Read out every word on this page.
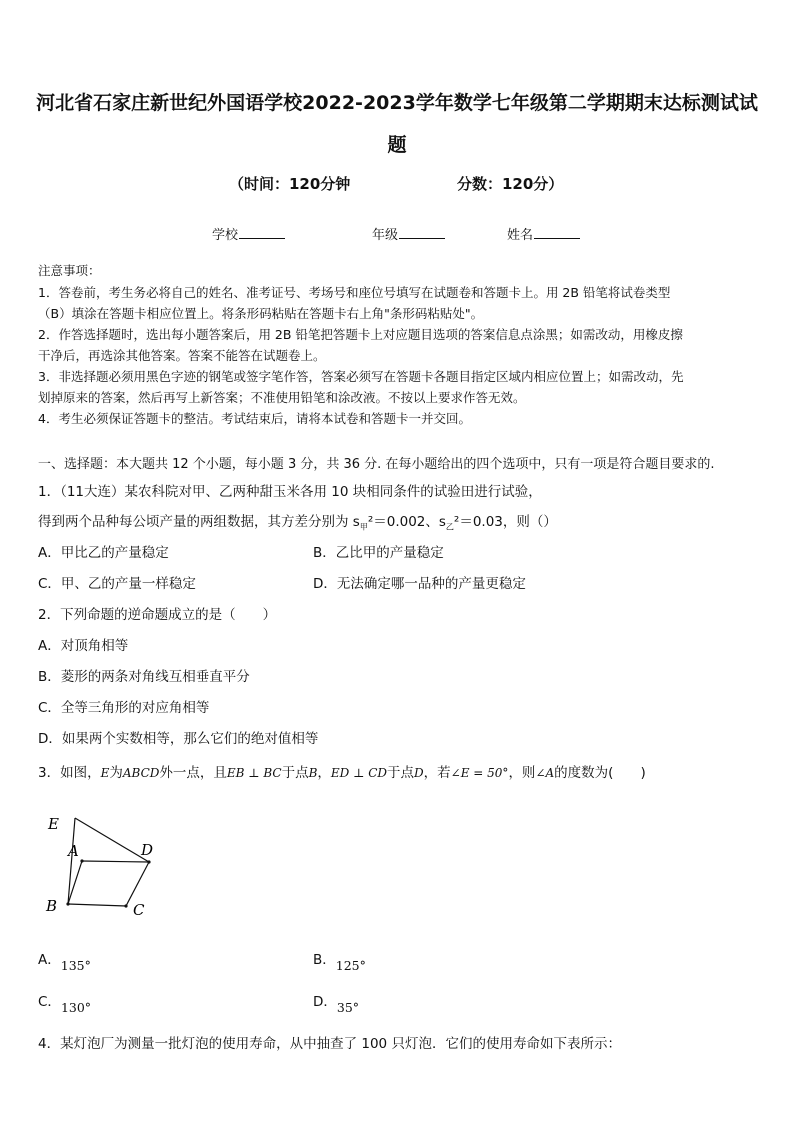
河北省石家庄新世纪外国语学校2022-2023学年数学七年级第二学期期末达标测试试
题
（时间：120分钟	分数：120分）
学校	年级	姓名
注意事项：
1．答卷前，考生务必将自己的姓名、准考证号、考场号和座位号填写在试题卷和答题卡上。用 2B 铅笔将试卷类型
（B）填涂在答题卡相应位置上。将条形码粘贴在答题卡右上角"条形码粘贴处"。
2．作答选择题时，选出每小题答案后，用 2B 铅笔把答题卡上对应题目选项的答案信息点涂黑；如需改动，用橡皮擦
干净后，再选涂其他答案。答案不能答在试题卷上。
3．非选择题必须用黑色字迹的钢笔或签字笔作答，答案必须写在答题卡各题目指定区域内相应位置上；如需改动，先
划掉原来的答案，然后再写上新答案；不准使用铅笔和涂改液。不按以上要求作答无效。
4．考生必须保证答题卡的整洁。考试结束后，请将本试卷和答题卡一并交回。
一、选择题：本大题共 12 个小题，每小题 3 分，共 36 分. 在每小题给出的四个选项中，只有一项是符合题目要求的.
1．（11大连）某农科院对甲、乙两种甜玉米各用 10 块相同条件的试验田进行试验，
得到两个品种每公顷产量的两组数据，其方差分别为 $s_甲^2=0.002$、$s_乙^2=0.03$，则（）
A．甲比乙的产量稳定	B．乙比甲的产量稳定
C．甲、乙的产量一样稳定	D．无法确定哪一品种的产量更稳定
2．下列命题的逆命题成立的是（　　）
A．对顶角相等
B．菱形的两条对角线互相垂直平分
C．全等三角形的对应角相等
D．如果两个实数相等，那么它们的绝对值相等
3．如图，E为ABCD外一点，且EB ⊥ BC于点B，ED ⊥ CD于点D，若∠E = 50°，则∠A的度数为(　　)
E
A	D
B	C
A．135°	B．125°
C．130°	D．35°
4．某灯泡厂为测量一批灯泡的使用寿命，从中抽查了 100 只灯泡．它们的使用寿命如下表所示：
